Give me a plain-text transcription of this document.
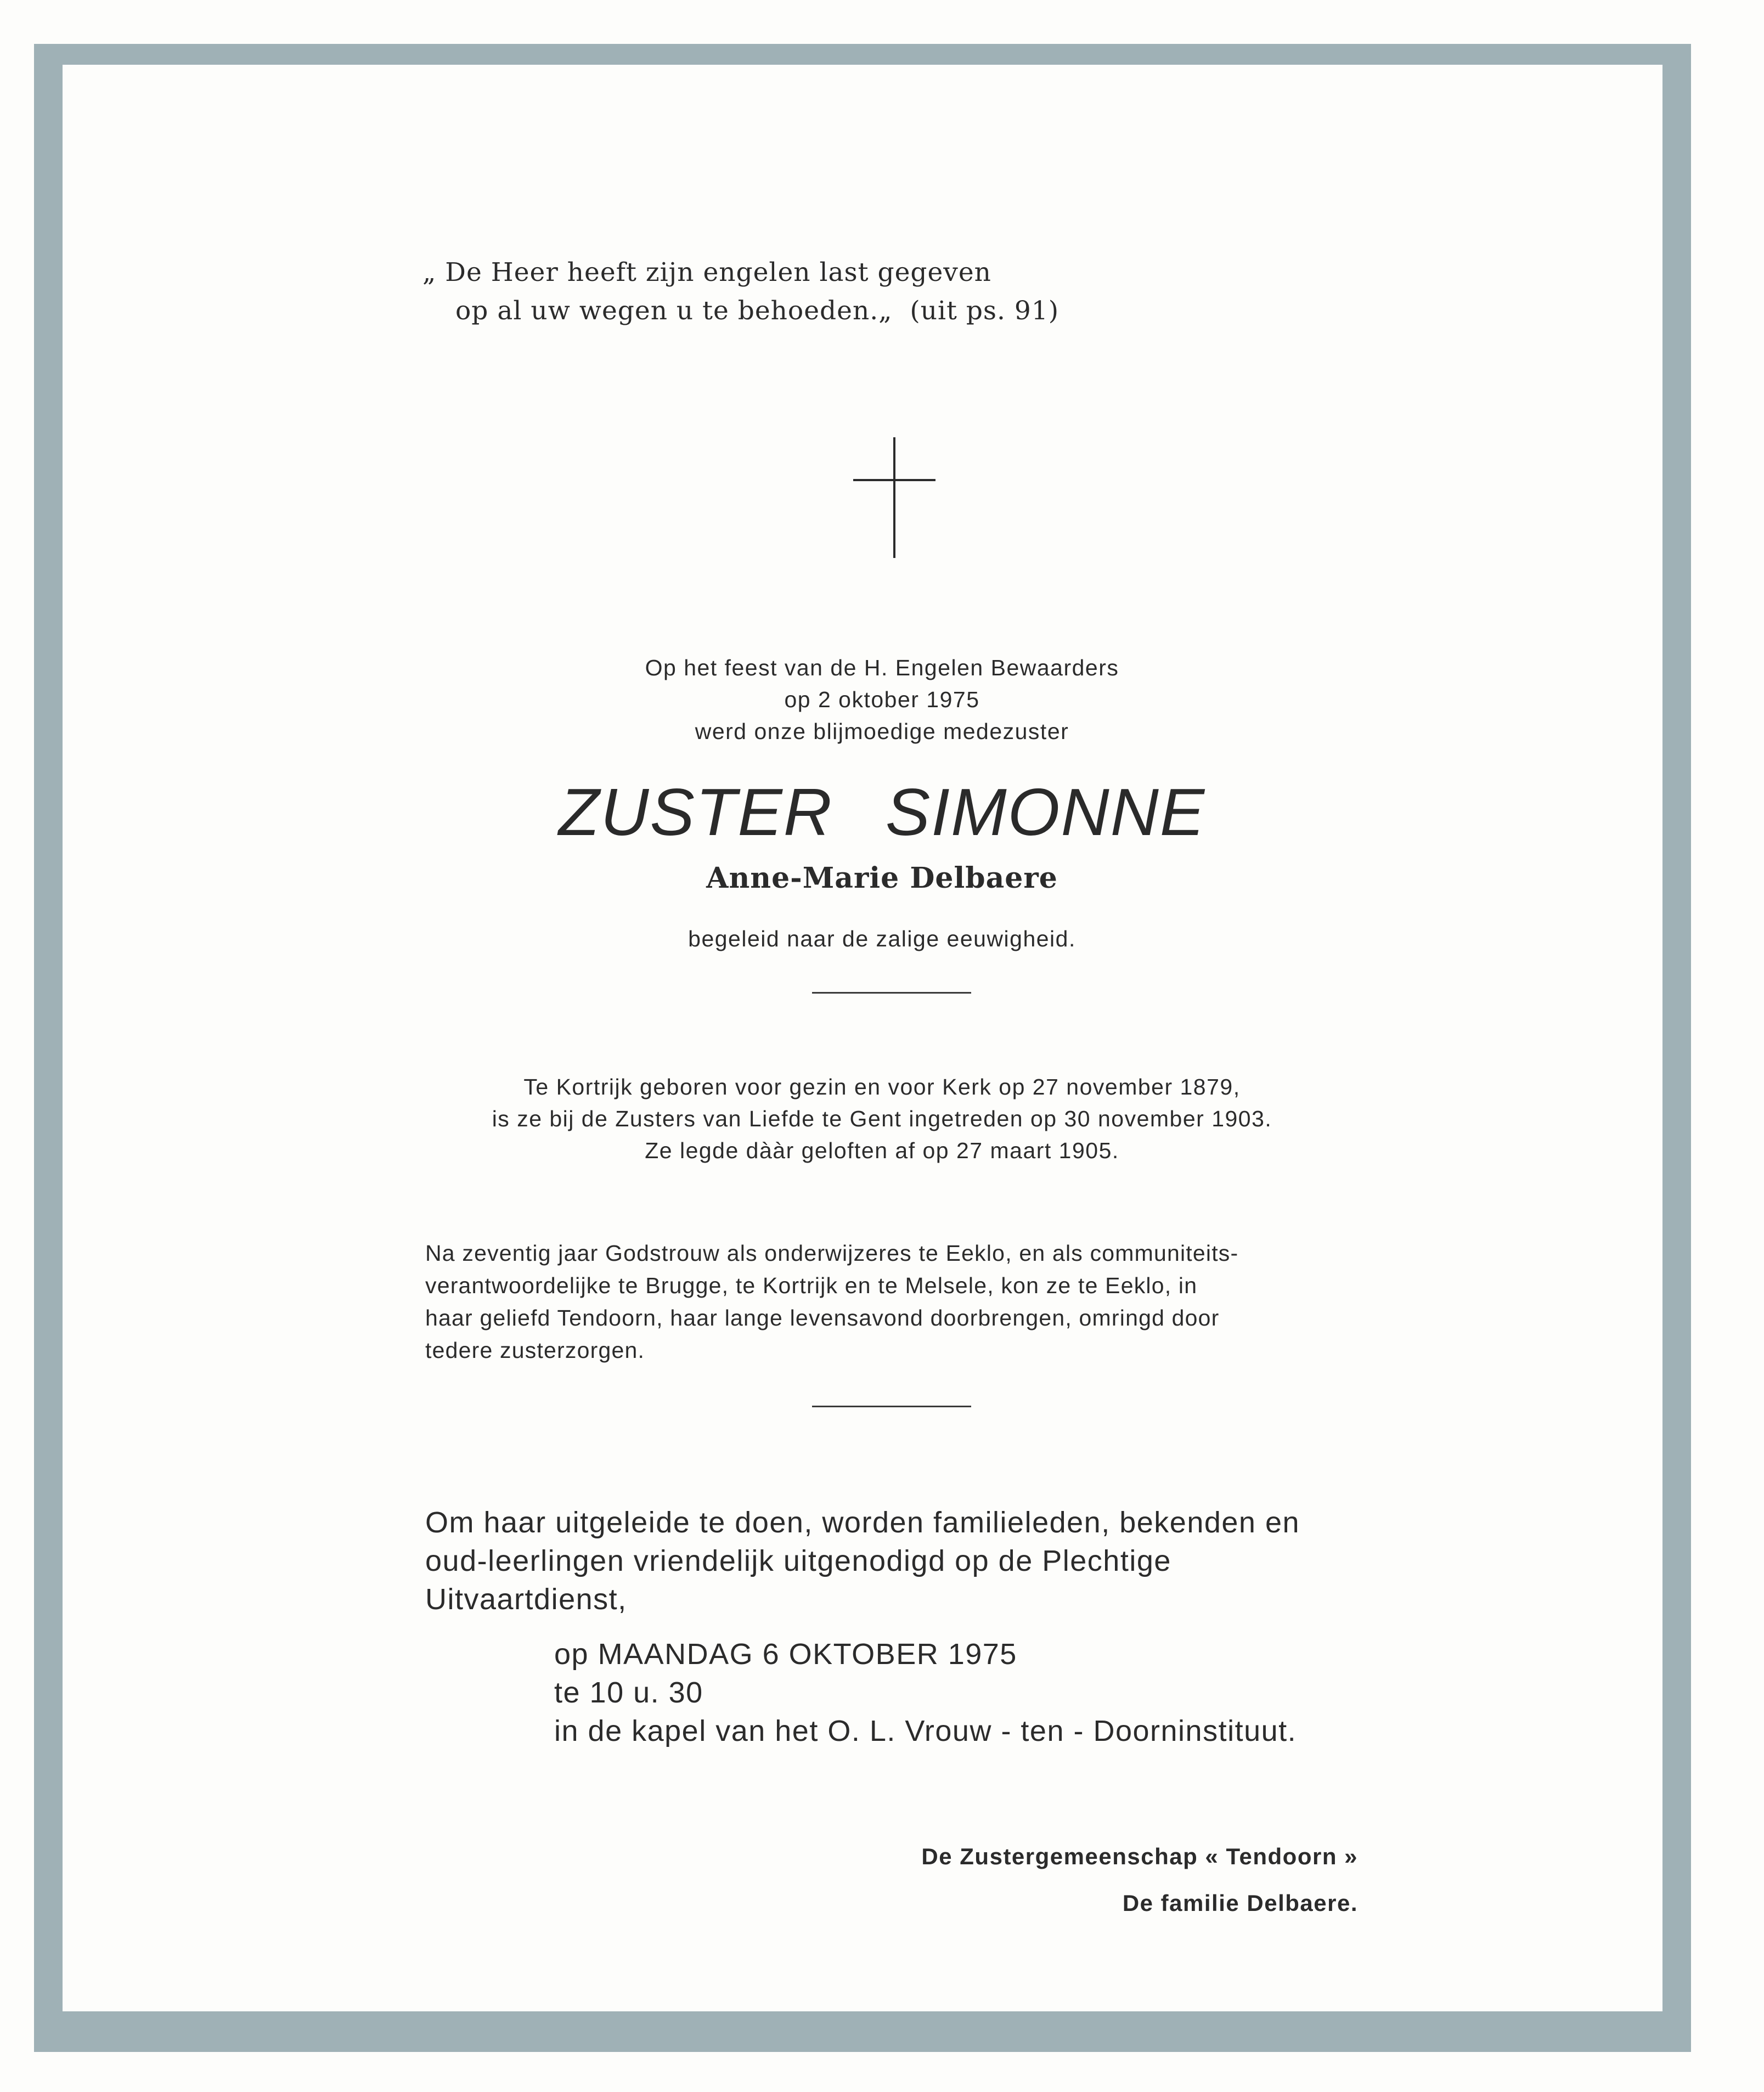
„ De Heer heeft zijn engelen last gegeven
op al uw wegen u te behoeden.„  (uit ps. 91)
Op het feest van de H. Engelen Bewaarders
op 2 oktober 1975
werd onze blijmoedige medezuster
ZUSTER SIMONNE
Anne-Marie Delbaere
begeleid naar de zalige eeuwigheid.
Te Kortrijk geboren voor gezin en voor Kerk op 27 november 1879,
is ze bij de Zusters van Liefde te Gent ingetreden op 30 november 1903.
Ze legde dààr geloften af op 27 maart 1905.
Na zeventig jaar Godstrouw als onderwijzeres te Eeklo, en als communiteits-
verantwoordelijke te Brugge, te Kortrijk en te Melsele, kon ze te Eeklo, in
haar geliefd Tendoorn, haar lange levensavond doorbrengen, omringd door
tedere zusterzorgen.
Om haar uitgeleide te doen, worden familieleden, bekenden en
oud-leerlingen vriendelijk uitgenodigd op de Plechtige
Uitvaartdienst,
op MAANDAG 6 OKTOBER 1975
te 10 u. 30
in de kapel van het O. L. Vrouw - ten - Doorninstituut.
De Zustergemeenschap « Tendoorn »
De familie Delbaere.
